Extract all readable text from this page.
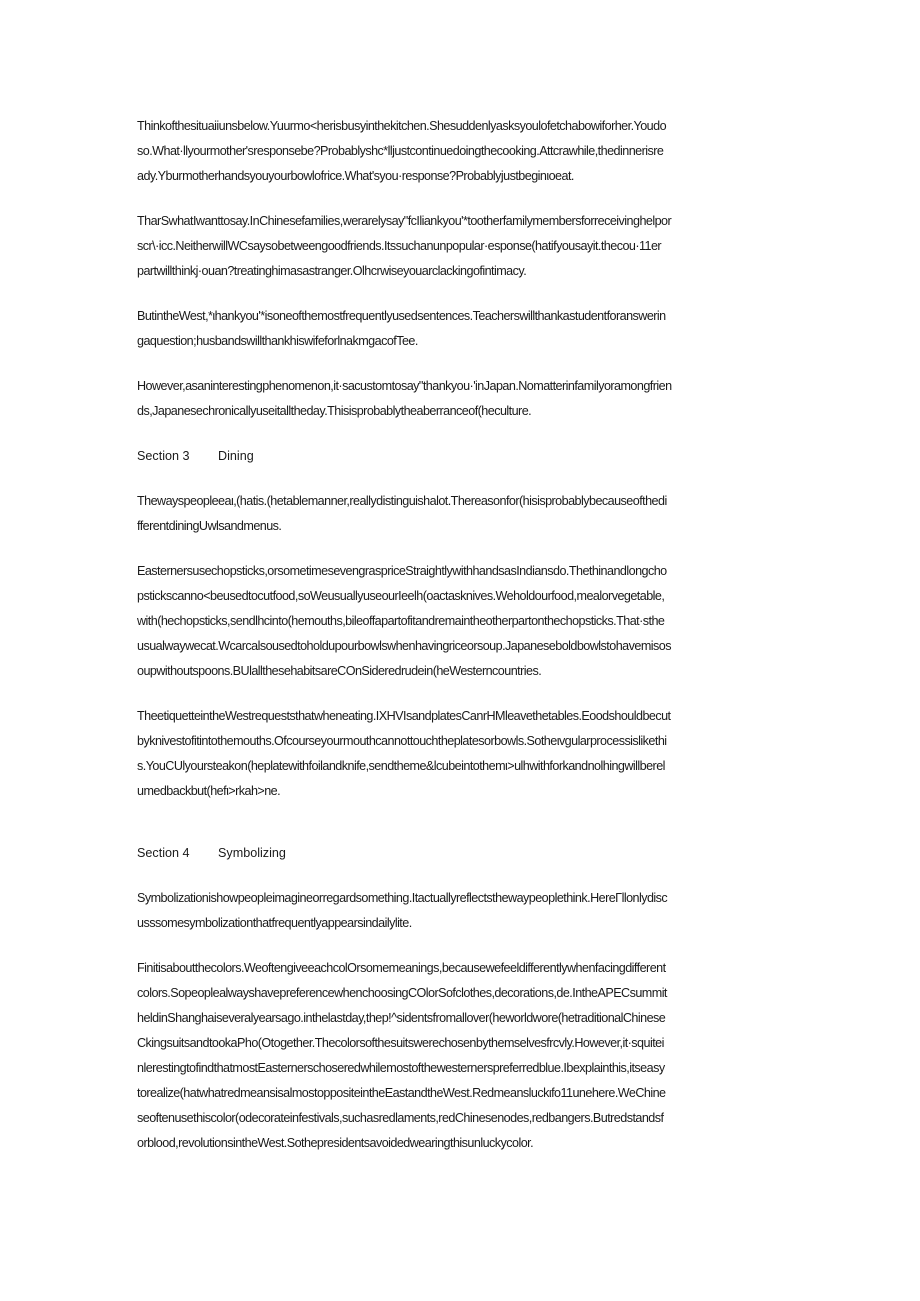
Thinkofthesituaiiunsbelow.Yuurmo<herisbusyinthekitchen.Shesuddenlyasksyoulofetchabowiforher.Youdo
so.What·llyourmother'sresponsebe?Probablyshc*lljustcontinuedoingthecooking.Attcrawhile,thedinnerisre
ady.Ybu​rmotherhandsyouyourbowlofrice.What'syou·response?Probablyjustbeginιoeat.

TharSwhatIwanttosay.InChinesefamilies,wer​arelysay"fcIliankyou'*tootherfamilymembersforreceivinghelpor
scr\·icc.NeitherwillWCsaysobetweengoodfriends.Itssuchanunpopular·esponse(hatifyousayit.thecou·11er
partwillthinkj·ouan?treatinghimasastranger.Olhcr​wiseyouarclackingofintimacy.

ButintheWest,*ιhankyou'*isoneofthemostfrequentlyusedsentences.Teacherswillthankastudentforanswerin
gaquestion;husbandswillthankhiswifefor​lnakmgacofTee.

However,asaninterestingphenomenon,it·sacustomtosay"thankyou·'inJapan.Nomatterinfamilyoramongfrien
ds,Japanesechronicallyuseitalltheday.Thisisprobablytheaberranceof(heculture.

Section 3 Dining

Thewayspeopleeaι,(hatis.(hetablemanner,reallydistinguishalot.Thereasonfor(hisisprobablybecauseofthedi
fferentdiningUwlsandmenus.

Easternersusechopsticks,orsometimesevengraspriceStraightlywithhandsasIndiansdo.Thethinandlongcho
psticks​canno<beusedtocutfood,soWeusuallyuseourIeelh(oactasknives.Weholdourfood,mealorvegetable,
with(hechopsticks,sendlhcinto(hemouths,bileoffapartofitandremaintheotherpartonthechopsticks.That·sthe
usualwaywecat.Wcarcalsousedtoholdupourbowlswhenhavingriceorsoup.Japaneseboldbowlstohavemisos
oupwithoutspoons.BUlallthesehabitsareCOnSideredrudein(heWesterncountries.

TheetiquetteintheWestrequeststhatwheneating.IXHVIsandplatesCanrHMleavethetables.Eoodshouldbecut
byknivestofitintothemouths.Ofcourseyourmouthcannottouchtheplatesorbowls.Sotheιvgularprocessislikethi
s.YouCUlyoursteakon(heplatewithfoilandknife,sendtheme&lcubeintothemι>ulhwithforkandnolhingwillberel
umedbackbut(hefι>rkah>ne.

Section 4 Symbolizing

Symbolizationishowpeopleimagineorregardsomething.Itactuallyreflectsthewaypeoplethink.HereΓllonlydisc
usss​omesymbolizationthatfrequentlyappearsindailylite.

Finitisaboutthecolors.Weoftengiveeachcol​Orsomemeanings,becausewefeeldifferentlywhenfacingdifferent
colors.SopeoplealwayshavepreferencewhenchoosingCOlorSofclothes,decorations,de.IntheAPECsummit
heldinShanghaiseveralyearsago.inthelastday,thep!^sidentsfromallover(heworldwore(hetraditionalChinese
CkingsuitsandtookaPho(Otogether.Thecolorsofthesuitswerechosenbythemselvesfrcvly.However,it·squitei
nlerestingtofindthatmostEasternerschoseredwhilemostofthewesternerspreferredblue.Ibexplainthis,itseasy
torealize(hatwhatredmeansisalmostoppositeintheEastandtheWest.Redmeansluckιfo11unehere.WeChine
seoftenusethiscolor(odecorateinfestivals,suchasredlaments,redChinesenodes,redbangers.Butredstandsf
orblood,revolutionsintheWest.Sothepresidentsavoidedwearingthisunluckycolor.
